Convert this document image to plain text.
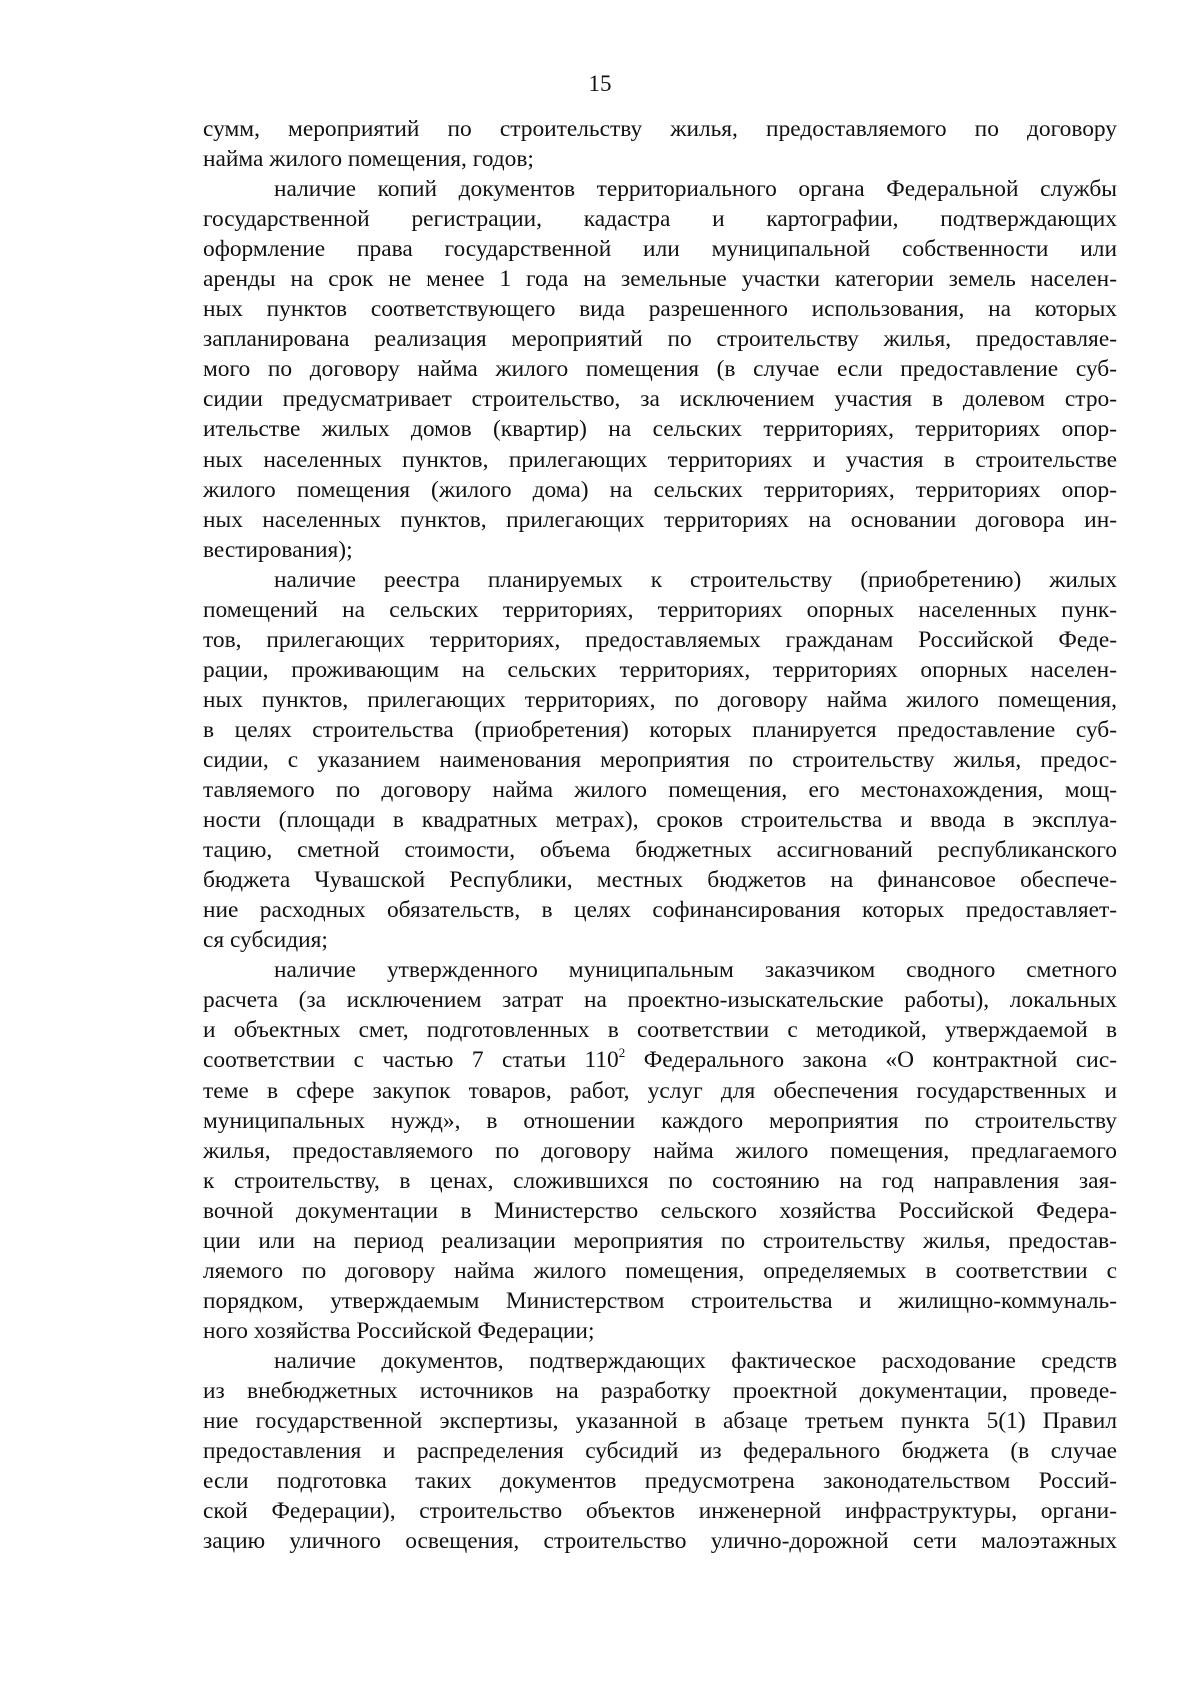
15
сумм, мероприятий по строительству жилья, предоставляемого по договору
найма жилого помещения, годов;
наличие копий документов территориального органа Федеральной службы
государственной регистрации, кадастра и картографии, подтверждающих
оформление права государственной или муниципальной собственности или
аренды на срок не менее 1 года на земельные участки категории земель населен-
ных пунктов соответствующего вида разрешенного использования, на которых
запланирована реализация мероприятий по строительству жилья, предоставляе-
мого по договору найма жилого помещения (в случае если предоставление суб-
сидии предусматривает строительство, за исключением участия в долевом стро-
ительстве жилых домов (квартир) на сельских территориях, территориях опор-
ных населенных пунктов, прилегающих территориях и участия в строительстве
жилого помещения (жилого дома) на сельских территориях, территориях опор-
ных населенных пунктов, прилегающих территориях на основании договора ин-
вестирования);
наличие реестра планируемых к строительству (приобретению) жилых
помещений на сельских территориях, территориях опорных населенных пунк-
тов, прилегающих территориях, предоставляемых гражданам Российской Феде-
рации, проживающим на сельских территориях, территориях опорных населен-
ных пунктов, прилегающих территориях, по договору найма жилого помещения,
в целях строительства (приобретения) которых планируется предоставление суб-
сидии, с указанием наименования мероприятия по строительству жилья, предос-
тавляемого по договору найма жилого помещения, его местонахождения, мощ-
ности (площади в квадратных метрах), сроков строительства и ввода в эксплуа-
тацию, сметной стоимости, объема бюджетных ассигнований республиканского
бюджета Чувашской Республики, местных бюджетов на финансовое обеспече-
ние расходных обязательств, в целях софинансирования которых предоставляет-
ся субсидия;
наличие утвержденного муниципальным заказчиком сводного сметного
расчета (за исключением затрат на проектно-изыскательские работы), локальных
и объектных смет, подготовленных в соответствии с методикой, утверждаемой в
соответствии с частью 7 статьи $110^2$ Федерального закона «О контрактной сис-
теме в сфере закупок товаров, работ, услуг для обеспечения государственных и
муниципальных нужд», в отношении каждого мероприятия по строительству
жилья, предоставляемого по договору найма жилого помещения, предлагаемого
к строительству, в ценах, сложившихся по состоянию на год направления зая-
вочной документации в Министерство сельского хозяйства Российской Федера-
ции или на период реализации мероприятия по строительству жилья, предостав-
ляемого по договору найма жилого помещения, определяемых в соответствии с
порядком, утверждаемым Министерством строительства и жилищно-коммуналь-
ного хозяйства Российской Федерации;
наличие документов, подтверждающих фактическое расходование средств
из внебюджетных источников на разработку проектной документации, проведе-
ние государственной экспертизы, указанной в абзаце третьем пункта 5(1) Правил
предоставления и распределения субсидий из федерального бюджета (в случае
если подготовка таких документов предусмотрена законодательством Россий-
ской Федерации), строительство объектов инженерной инфраструктуры, органи-
зацию уличного освещения, строительство улично-дорожной сети малоэтажных
